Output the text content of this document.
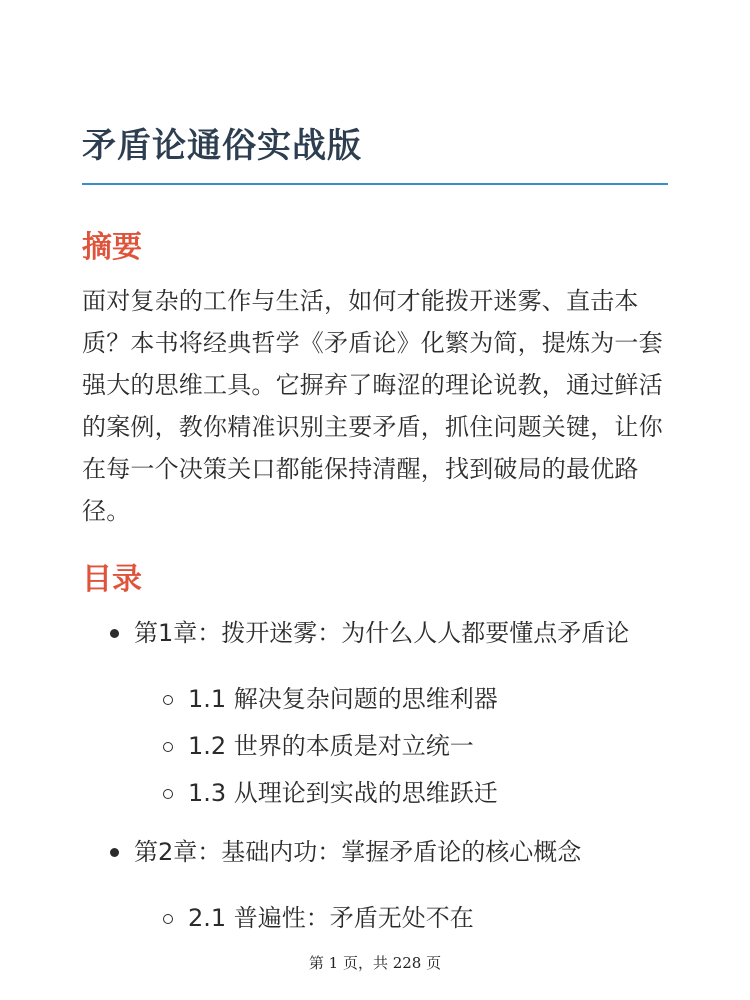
矛盾论通俗实战版
摘要

面对复杂的工作与生活，如何才能拨开迷雾、直击本质？本书将经典哲学《矛盾论》化繁为简，提炼为一套强大的思维工具。它摒弃了晦涩的理论说教，通过鲜活的案例，教你精准识别主要矛盾，抓住问题关键，让你在每一个决策关口都能保持清醒，找到破局的最优路径。

目录
第1章：拨开迷雾：为什么人人都要懂点矛盾论
1.1 解决复杂问题的思维利器
1.2 世界的本质是对立统一
1.3 从理论到实战的思维跃迁
第2章：基础内功：掌握矛盾论的核心概念
2.1 普遍性：矛盾无处不在
第 1 页，共 228 页
